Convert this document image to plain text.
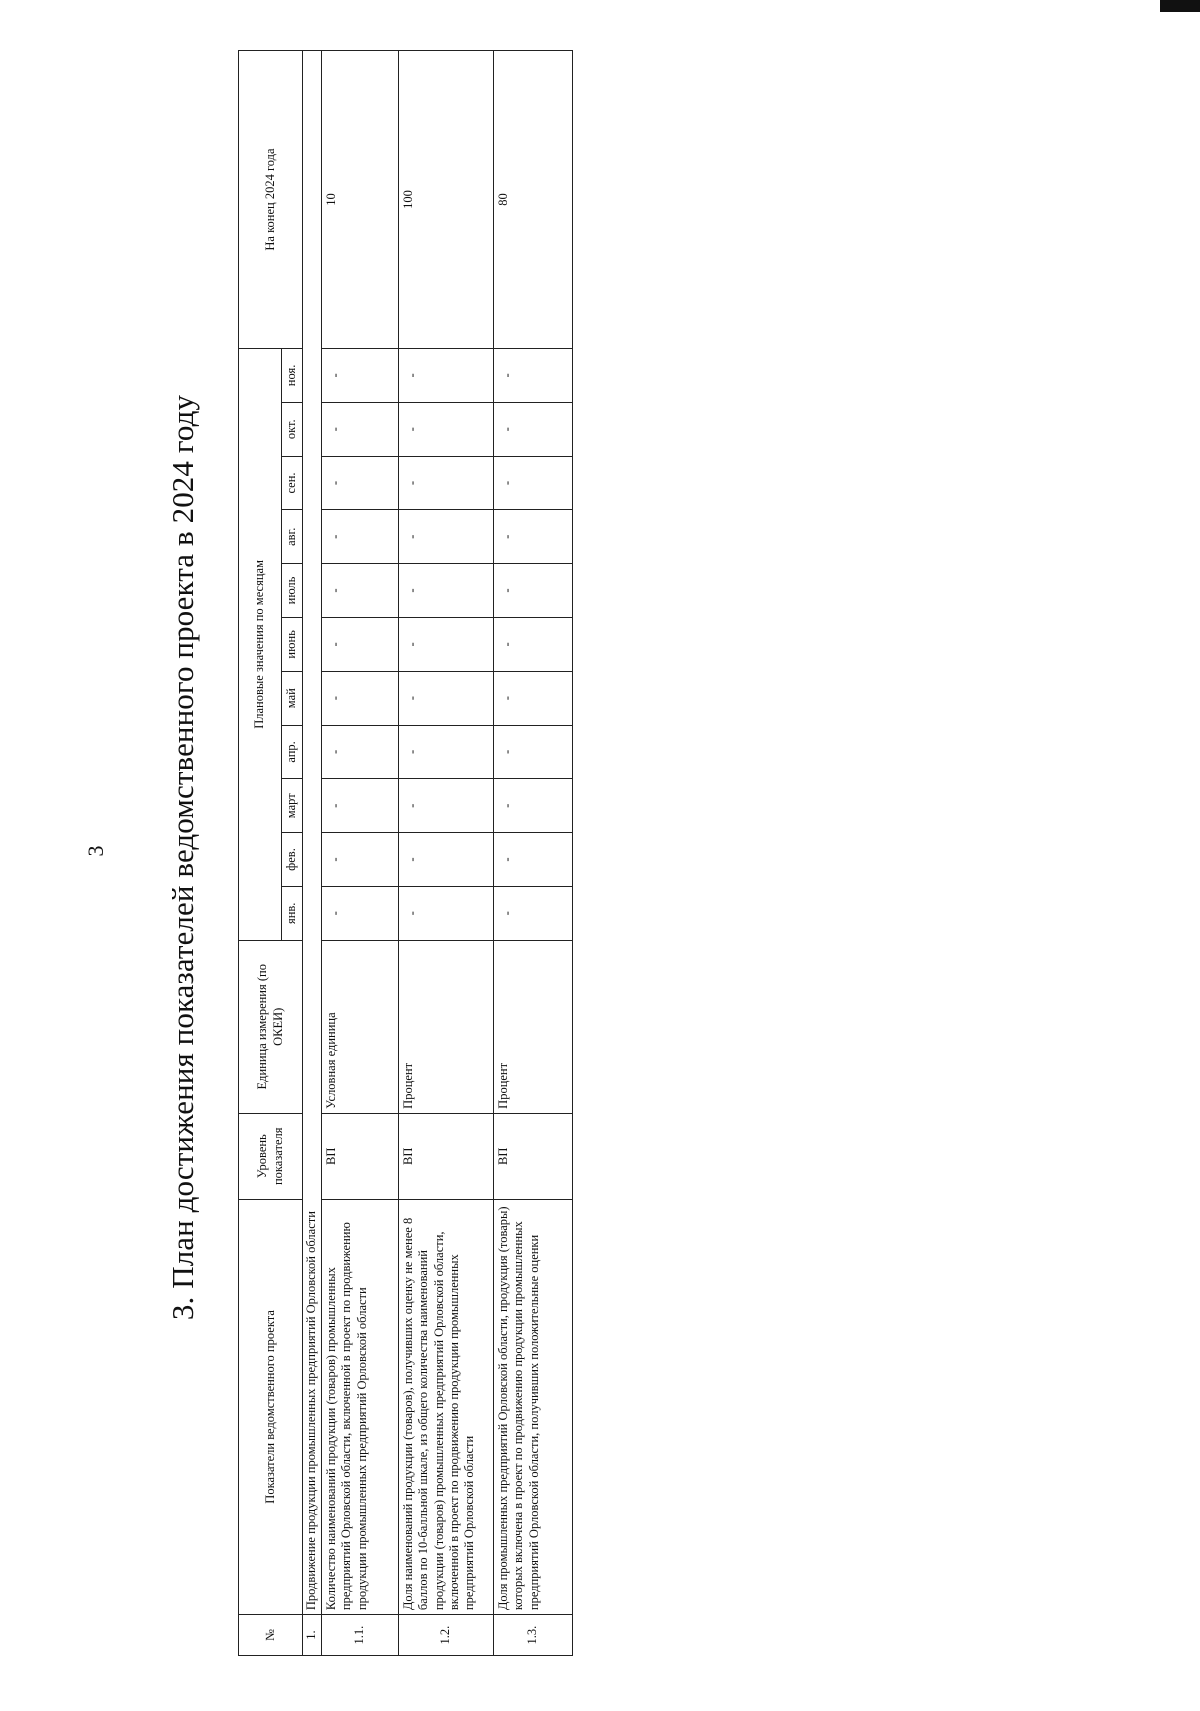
3 3. План достижения показателей ведомственного проекта в 2024 году
№	Показатели ведомственного проекта	Уровень показателя	Единица измерения (по ОКЕИ)	Плановые значения по месяцам											На конец 2024 года
				янв.	фев.	март	апр.	май	июнь	июль	авг.	сен.	окт.	ноя.	
1.	Продвижение продукции промышленных предприятий Орловской области														
1.1.	Количество наименований продукции (товаров) промышленных предприятий Орловской области, включенной в проект по продвижению продукции промышленных предприятий Орловской области	ВП	Условная единица	-	-	-	-	-	-	-	-	-	-	-	10
1.2.	Доля наименований продукции (товаров), получивших оценку не менее 8 баллов по 10-балльной шкале, из общего количества наименований продукции (товаров) промышленных предприятий Орловской области, включенной в проект по продвижению продукции промышленных предприятий Орловской области	ВП	Процент	-	-	-	-	-	-	-	-	-	-	-	100
1.3.	Доля промышленных предприятий Орловской области, продукция (товары) которых включена в проект по продвижению продукции промышленных предприятий Орловской области, получивших положительные оценки	ВП	Процент	-	-	-	-	-	-	-	-	-	-	-	80
